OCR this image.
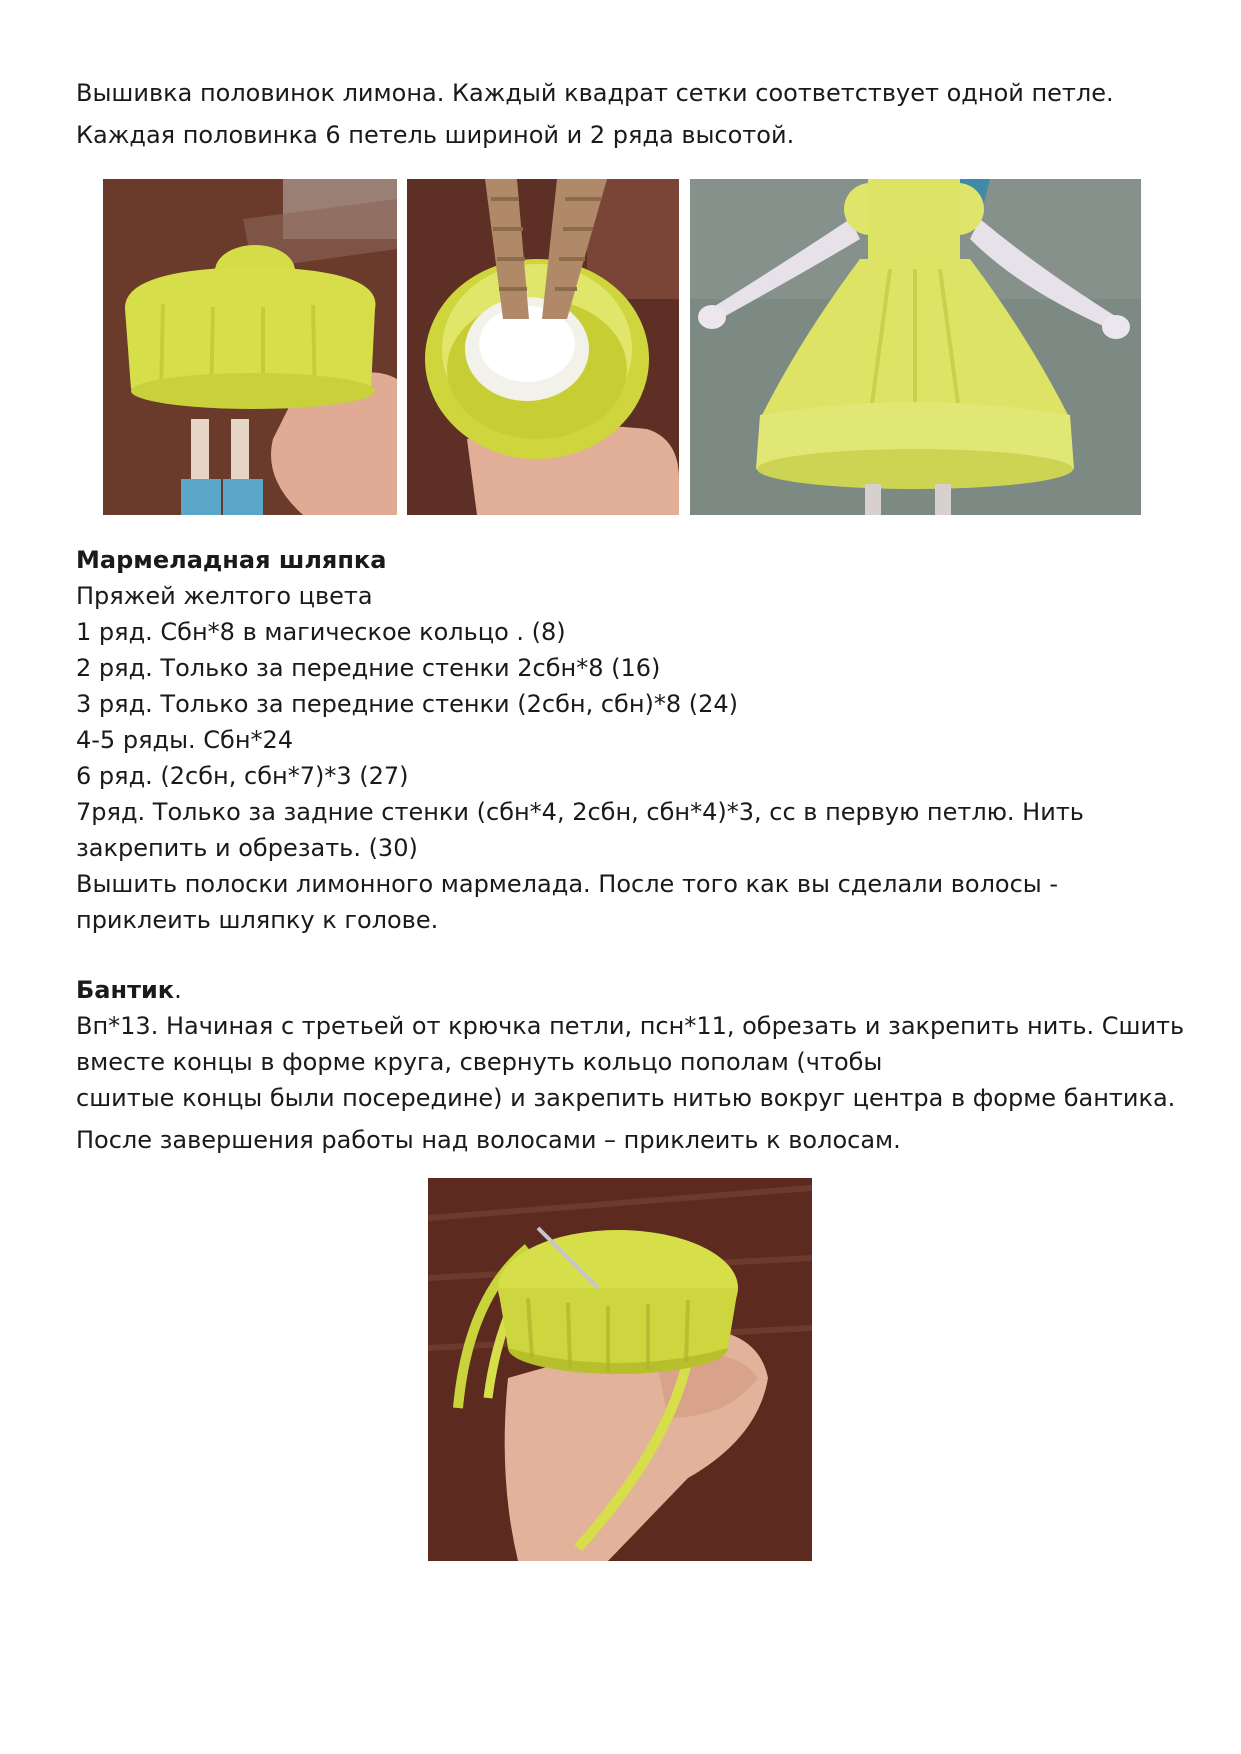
Вышивка половинок лимона. Каждый квадрат сетки соответствует одной петле.
Каждая половинка 6 петель шириной и 2 ряда высотой.
Мармеладная шляпка
Пряжей желтого цвета
1 ряд. Сбн*8 в магическое кольцо . (8)
2 ряд. Только за передние стенки 2сбн*8 (16)
3 ряд. Только за передние стенки (2сбн, сбн)*8 (24)
4-5 ряды. Сбн*24
6 ряд. (2сбн, сбн*7)*3 (27)
7ряд. Только за задние стенки (сбн*4, 2сбн, сбн*4)*3, сс в первую петлю. Нить
закрепить и обрезать. (30)
Вышить полоски лимонного мармелада. После того как вы сделали волосы -
приклеить шляпку к голове.
Бантик.
Вп*13. Начиная с третьей от крючка петли, псн*11, обрезать и закрепить нить. Сшить
вместе концы в форме круга, свернуть кольцо пополам (чтобы
сшитые концы были посередине) и закрепить нитью вокруг центра в форме бантика.
После завершения работы над волосами – приклеить к волосам.
